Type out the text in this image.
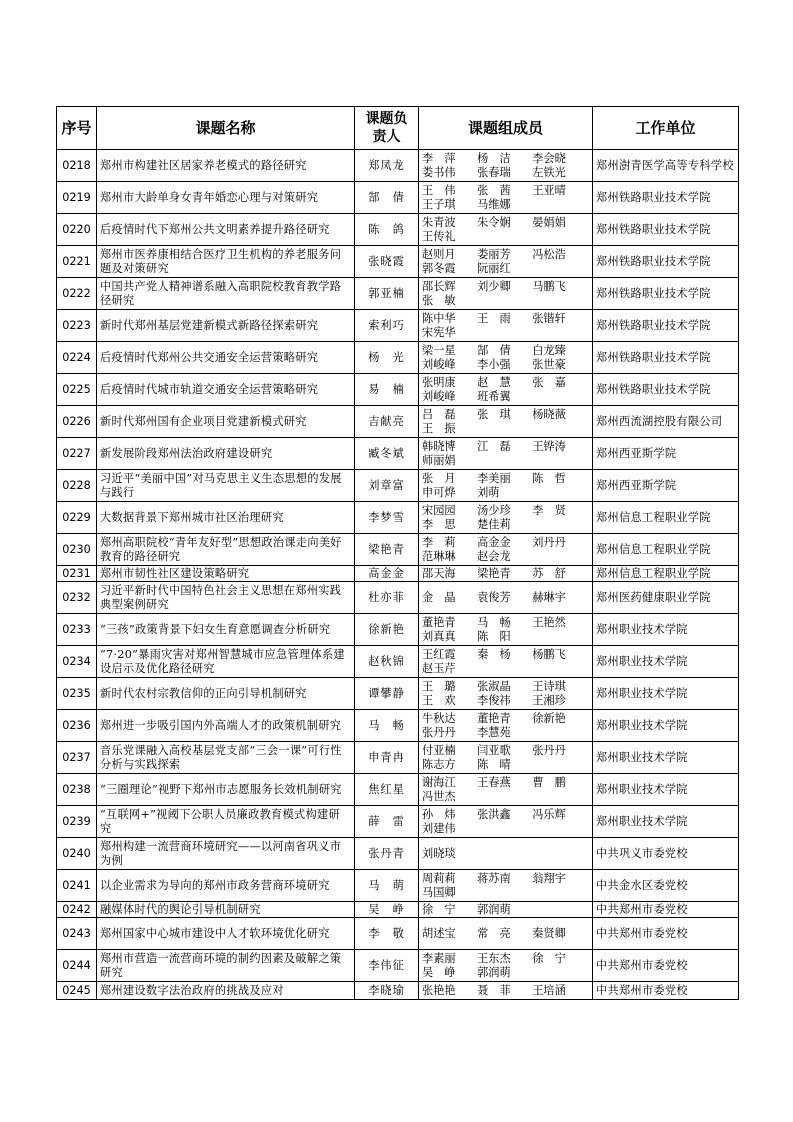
序号	课题名称	课题负责人	课题组成员	工作单位
0218	郑州市构建社区居家养老模式的路径研究	郑凤龙	李　萍 杨　洁 李会晓
娄书伟 张春瑞 左铁光	郑州澍青医学高等专科学校
0219	郑州市大龄单身女青年婚恋心理与对策研究	郜　倩	王　伟 张　茜 王亚晴
王子琪 马维娜	郑州铁路职业技术学院
0220	后疫情时代下郑州公共文明素养提升路径研究	陈　鸽	朱青波 朱令娴 晏娟娟
王传礼	郑州铁路职业技术学院
0221	郑州市医养康相结合医疗卫生机构的养老服务问题及对策研究	张晓霞	赵则月 娄丽芳 冯松浩
郭冬霞 阮丽红	郑州铁路职业技术学院
0222	中国共产党人精神谱系融入高职院校教育教学路径研究	郭亚楠	邵长辉 刘少卿 马鹏飞
张　敏	郑州铁路职业技术学院
0223	新时代郑州基层党建新模式新路径探索研究	索利巧	陈中华 王　雨 张锴轩
宋宪华	郑州铁路职业技术学院
0224	后疫情时代郑州公共交通安全运营策略研究	杨　光	梁一星 郜　倩 白龙臻
刘峻峰 李小强 张世豪	郑州铁路职业技术学院
0225	后疫情时代城市轨道交通安全运营策略研究	易　楠	张明康 赵　慧 张　嘉
刘峻峰 班希翼	郑州铁路职业技术学院
0226	新时代郑州国有企业项目党建新模式研究	吉献亮	吕　磊 张　琪 杨晓薇
王　振	郑州西流湖控股有限公司
0227	新发展阶段郑州法治政府建设研究	臧冬斌	韩晓博 江　磊 王铧涛
师丽娟	郑州西亚斯学院
0228	习近平“美丽中国”对马克思主义生态思想的发展与践行	刘章富	张　月 李美丽 陈　哲
申可烨 刘萌	郑州西亚斯学院
0229	大数据背景下郑州城市社区治理研究	李梦雪	宋园园 汤少珍 李　贤
李　思 楚佳莉	郑州信息工程职业学院
0230	郑州高职院校“青年友好型”思想政治课走向美好教育的路径研究	梁艳青	李　莉 高金金 刘丹丹
范琳琳 赵会龙	郑州信息工程职业学院
0231	郑州市韧性社区建设策略研究	高金金	邵天海 梁艳青 苏　舒	郑州信息工程职业学院
0232	习近平新时代中国特色社会主义思想在郑州实践典型案例研究	杜亦菲	金　晶 袁俊芳 赫琳宇	郑州医药健康职业学院
0233	“三孩”政策背景下妇女生育意愿调查分析研究	徐新艳	董艳青 马　畅 王艳然
刘真真 陈　阳	郑州职业技术学院
0234	“7·20”暴雨灾害对郑州智慧城市应急管理体系建设启示及优化路径研究	赵秋锦	王红霞 秦　杨 杨鹏飞
赵玉芹	郑州职业技术学院
0235	新时代农村宗教信仰的正向引导机制研究	谭攀静	王　璐 张淑晶 王诗琪
王　欢 李俊祎 王湘珍	郑州职业技术学院
0236	郑州进一步吸引国内外高端人才的政策机制研究	马　畅	牛秋达 董艳青 徐新艳
张丹丹 李慧苑	郑州职业技术学院
0237	音乐党课融入高校基层党支部“三会一课”可行性分析与实践探索	申青冉	付亚楠 闫亚歌 张丹丹
陈志方 陈　晴	郑州职业技术学院
0238	“三圈理论”视野下郑州市志愿服务长效机制研究	焦红星	谢海江 王春燕 曹　鹏
冯世杰	郑州职业技术学院
0239	“互联网+”视阈下公职人员廉政教育模式构建研究	薛　雷	孙　炜 张洪鑫 冯乐辉
刘建伟	郑州职业技术学院
0240	郑州构建一流营商环境研究——以河南省巩义市为例	张丹青	刘晓琰	中共巩义市委党校
0241	以企业需求为导向的郑州市政务营商环境研究	马　萌	周莉莉 蒋苏南 翁翔宇
马国卿	中共金水区委党校
0242	融媒体时代的舆论引导机制研究	吴　峥	徐　宁 郭润萌	中共郑州市委党校
0243	郑州国家中心城市建设中人才软环境优化研究	李　敬	胡述宝 常　亮 秦贤卿	中共郑州市委党校
0244	郑州市营造一流营商环境的制约因素及破解之策研究	李伟征	李素丽 王东杰 徐　宁
吴　峥 郭润萌	中共郑州市委党校
0245	郑州建设数字法治政府的挑战及应对	李晓瑜	张艳艳 聂　菲 王培涵	中共郑州市委党校
